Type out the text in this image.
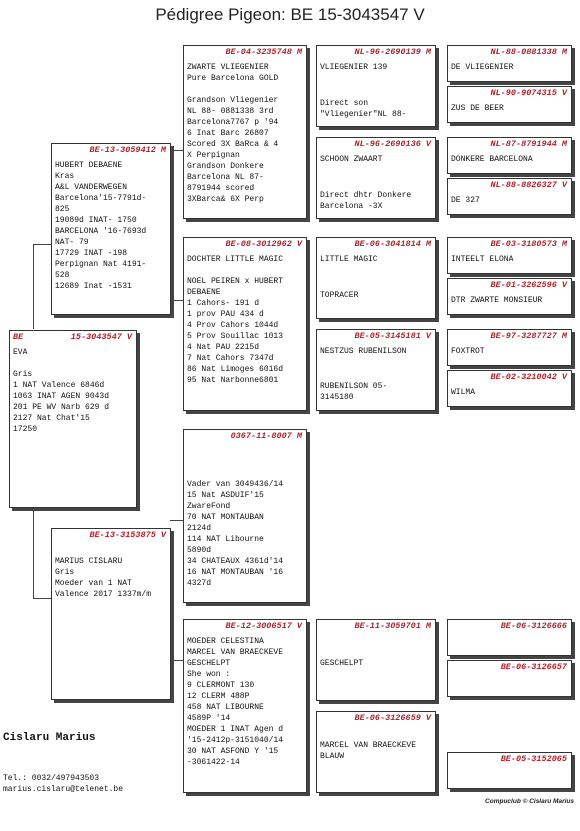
Pédigree Pigeon: BE 15-3043547 V
BE	15-3043547 V
EVA

Gris
1 NAT Valence 6846d
1063 INAT AGEN 9043d
201 PE WV Narb 629 d
2127 Nat Chat'15
17250
BE-13-3059412 M
HUBERT DEBAENE
Kras
A&L VANDERWEGEN
Barcelona'15-7791d-
825
19089d INAT- 1750
BARCELONA '16-7693d
NAT- 79
17729 INAT -198
Perpignan Nat 4191-
528
12689 Inat -1531
BE-13-3153875 V
MARIUS CISLARU
Gris
Moeder van 1 NAT
Valence 2017 1337m/m
BE-04-3235748 M
ZWARTE VLIEGENIER
Pure Barcelona GOLD

Grandson Vliegenier
NL 88- 0881338 3rd
Barcelona7767 p '94
6 Inat Barc 26807
Scored 3X BaRca & 4
X Perpignan
Grandson Donkere
Barcelona NL 87-
8791944 scored
3XBarca& 6X Perp
BE-08-3012962 V
DOCHTER LITTLE MAGIC

NOEL PEIREN x HUBERT
DEBAENE
1 Cahors- 191 d
1 prov PAU 434 d
4 Prov Cahors 1044d
5 Prov Souillac 1013
4 Nat PAU 2215d
7 Nat Cahors 7347d
86 Nat Limoges 6016d
95 Nat Narbonne6801
0367-11-8007 M
Vader van 3049436/14
15 Nat ASDUIF'15
ZwareFond
70 NAT MONTAUBAN
2124d
114 NAT Libourne
5890d
34 CHATEAUX 4361d'14
16 NAT MONTAUBAN '16
4327d
BE-12-3006517 V
MOEDER CELESTINA
MARCEL VAN BRAECKEVE
GESCHELPT
She won :
9 CLERMONT 130
12 CLERM 488P
458 NAT LIBOURNE
4589P '14
MOEDER 1 INAT Agen d
'15-2412p-3151040/14
30 NAT ASFOND Y '15
-3061422-14
NL-96-2690139 M
VLIEGENIER 139
Direct son
"Vliegenier"NL 88-
NL-96-2690136 V
SCHOON ZWAART
Direct dhtr Donkere
Barcelona -3X
BE-06-3041814 M
LITTLE MAGIC
TOPRACER
BE-05-3145181 V
NESTZUS RUBENILSON
RUBENILSON 05-
3145180
BE-11-3059701 M
GESCHELPT
BE-06-3126659 V
MARCEL VAN BRAECKEVE
BLAUW
NL-88-0881338 M
DE VLIEGENIER
NL-90-9074315 V
ZUS DE BEER
NL-87-8791944 M
DONKERE BARCELONA
NL-88-8826327 V
DE 327
BE-03-3180573 M
INTEELT ELONA
BE-01-3262596 V
DTR ZWARTE MONSIEUR
BE-97-3287727 M
FOXTROT
BE-02-3210042 V
WILMA
BE-06-3126666
BE-06-3126657
BE-05-3152065
Cislaru Marius
Tel.: 0032/497943503
marius.cislaru@telenet.be
Compuclub © Cislaru Marius
